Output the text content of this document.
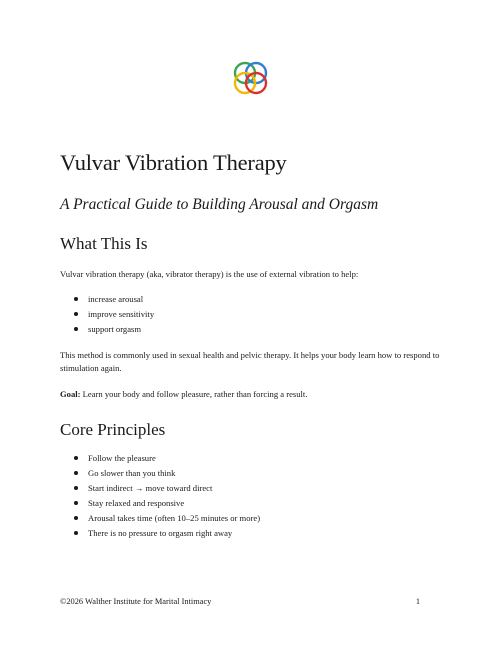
Vulvar Vibration Therapy
A Practical Guide to Building Arousal and Orgasm
What This Is

Vulvar vibration therapy (aka, vibrator therapy) is the use of external vibration to help:

increase arousal
improve sensitivity
support orgasm

This method is commonly used in sexual health and pelvic therapy. It helps your body learn how to respond to stimulation again.

Goal: Learn your body and follow pleasure, rather than forcing a result.

Core Principles
Follow the pleasure
Go slower than you think
Start indirect → move toward direct
Stay relaxed and responsive
Arousal takes time (often 10–25 minutes or more)
There is no pressure to orgasm right away
©2026 Walther Institute for Marital Intimacy	1
